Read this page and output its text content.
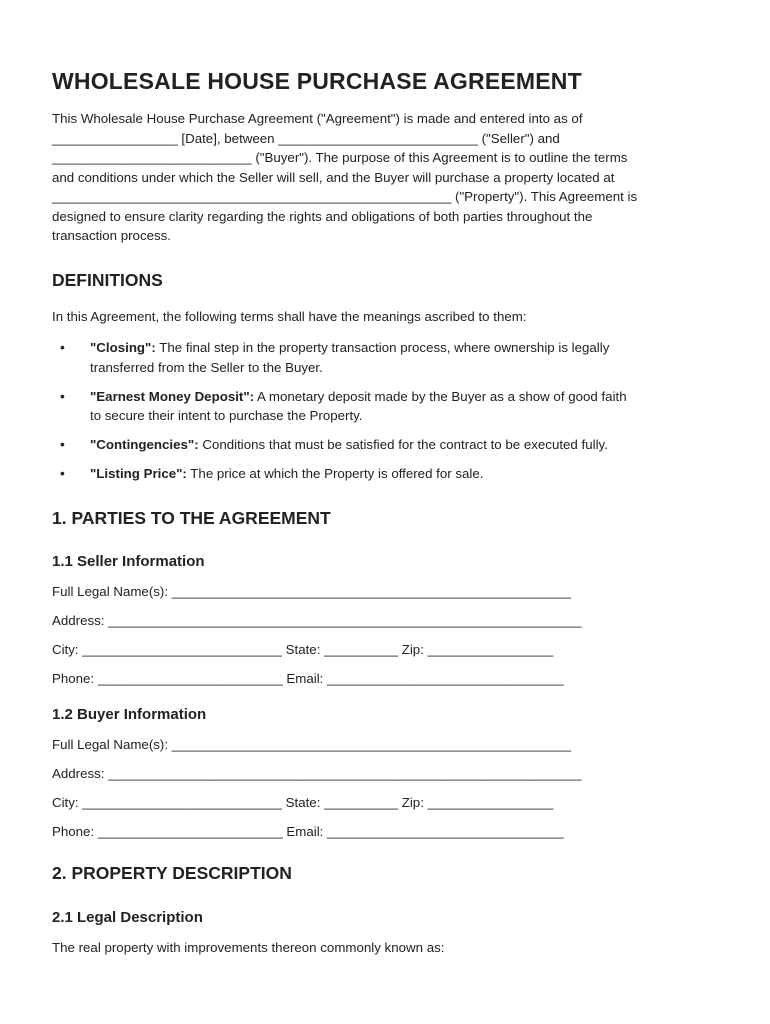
WHOLESALE HOUSE PURCHASE AGREEMENT

This Wholesale House Purchase Agreement ("Agreement") is made and entered into as of

_________________ [Date], between ___________________________ ("Seller") and

___________________________ ("Buyer"). The purpose of this Agreement is to outline the terms

and conditions under which the Seller will sell, and the Buyer will purchase a property located at

______________________________________________________ ("Property"). This Agreement is

designed to ensure clarity regarding the rights and obligations of both parties throughout the

transaction process.

DEFINITIONS

In this Agreement, the following terms shall have the meanings ascribed to them:

• "Closing": The final step in the property transaction process, where ownership is legally
transferred from the Seller to the Buyer.
• "Earnest Money Deposit": A monetary deposit made by the Buyer as a show of good faith
to secure their intent to purchase the Property.
• "Contingencies": Conditions that must be satisfied for the contract to be executed fully.
• "Listing Price": The price at which the Property is offered for sale.
1. PARTIES TO THE AGREEMENT
1.1 Seller Information
Full Legal Name(s): ______________________________________________________
Address: ________________________________________________________________
City: ___________________________ State: __________ Zip: _________________
Phone: _________________________ Email: ________________________________
1.2 Buyer Information
Full Legal Name(s): ______________________________________________________
Address: ________________________________________________________________
City: ___________________________ State: __________ Zip: _________________
Phone: _________________________ Email: ________________________________
2. PROPERTY DESCRIPTION
2.1 Legal Description

The real property with improvements thereon commonly known as:
